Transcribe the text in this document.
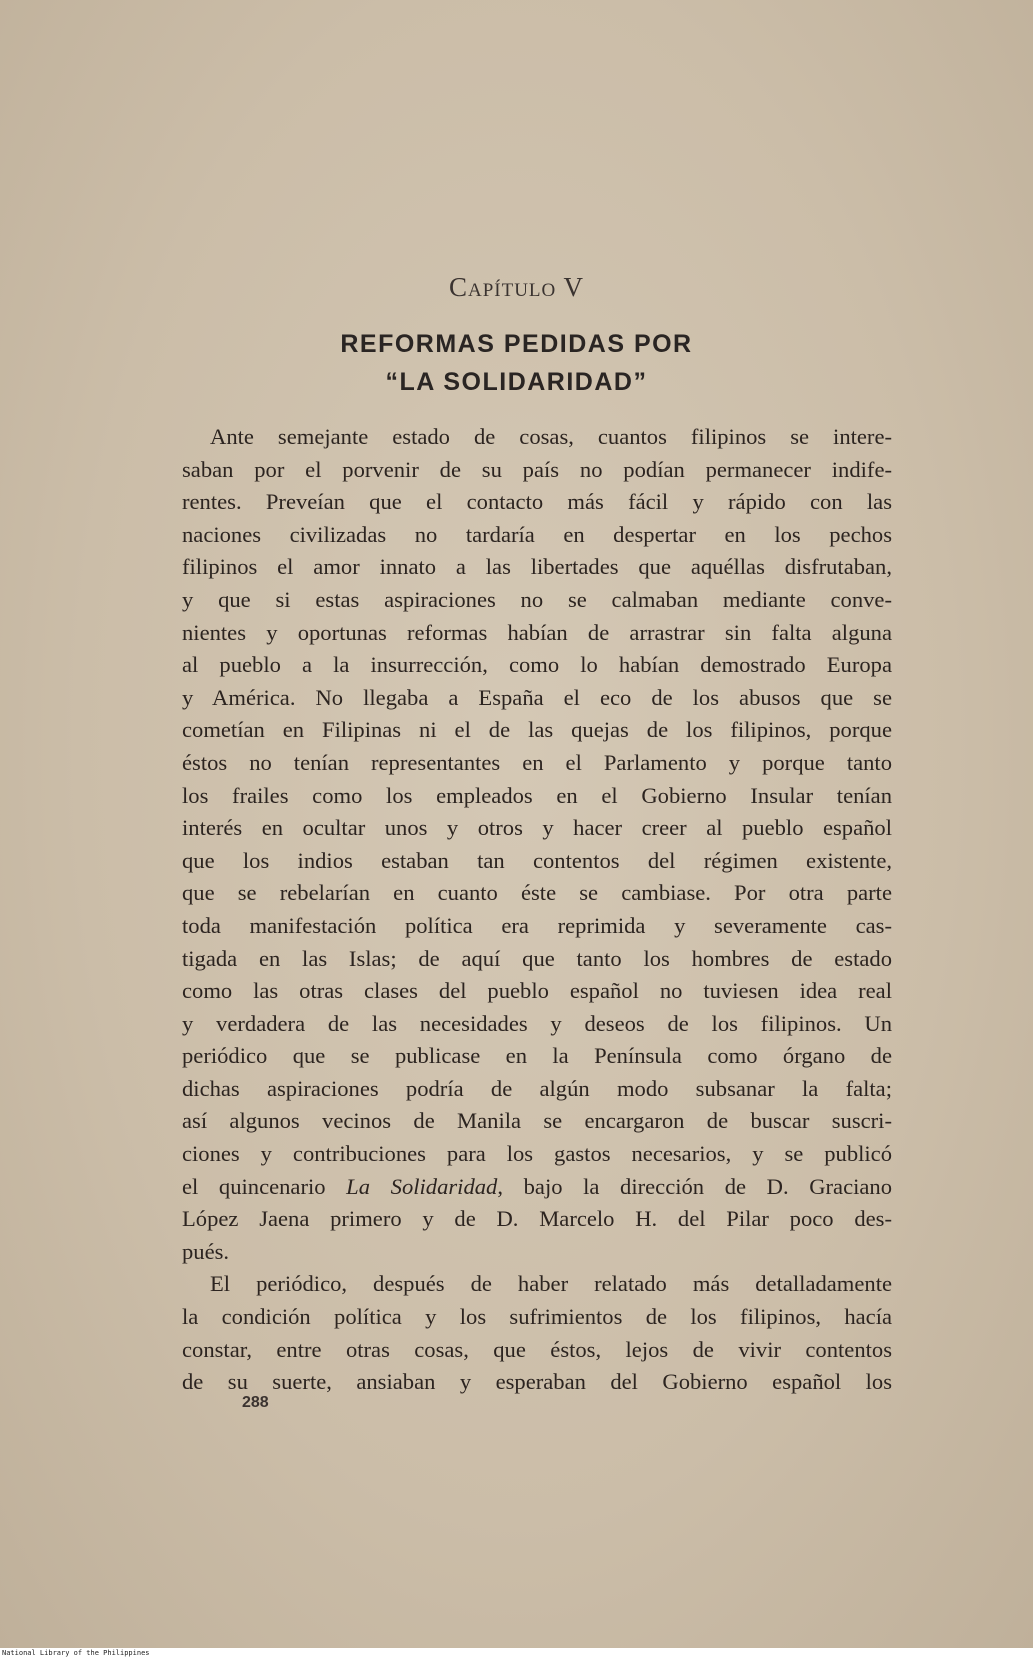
Capítulo V
REFORMAS PEDIDAS POR
“LA SOLIDARIDAD”
Ante semejante estado de cosas, cuantos filipinos se intere-
saban por el porvenir de su país no podían permanecer indife-
rentes. Preveían que el contacto más fácil y rápido con las
naciones civilizadas no tardaría en despertar en los pechos
filipinos el amor innato a las libertades que aquéllas disfrutaban,
y que si estas aspiraciones no se calmaban mediante conve-
nientes y oportunas reformas habían de arrastrar sin falta alguna
al pueblo a la insurrección, como lo habían demostrado Europa
y América. No llegaba a España el eco de los abusos que se
cometían en Filipinas ni el de las quejas de los filipinos, porque
éstos no tenían representantes en el Parlamento y porque tanto
los frailes como los empleados en el Gobierno Insular tenían
interés en ocultar unos y otros y hacer creer al pueblo español
que los indios estaban tan contentos del régimen existente,
que se rebelarían en cuanto éste se cambiase. Por otra parte
toda manifestación política era reprimida y severamente cas-
tigada en las Islas; de aquí que tanto los hombres de estado
como las otras clases del pueblo español no tuviesen idea real
y verdadera de las necesidades y deseos de los filipinos. Un
periódico que se publicase en la Península como órgano de
dichas aspiraciones podría de algún modo subsanar la falta;
así algunos vecinos de Manila se encargaron de buscar suscri-
ciones y contribuciones para los gastos necesarios, y se publicó
el quincenario La Solidaridad, bajo la dirección de D. Graciano
López Jaena primero y de D. Marcelo H. del Pilar poco des-
pués.
El periódico, después de haber relatado más detalladamente
la condición política y los sufrimientos de los filipinos, hacía
constar, entre otras cosas, que éstos, lejos de vivir contentos
de su suerte, ansiaban y esperaban del Gobierno español los
288
National Library of the Philippines
